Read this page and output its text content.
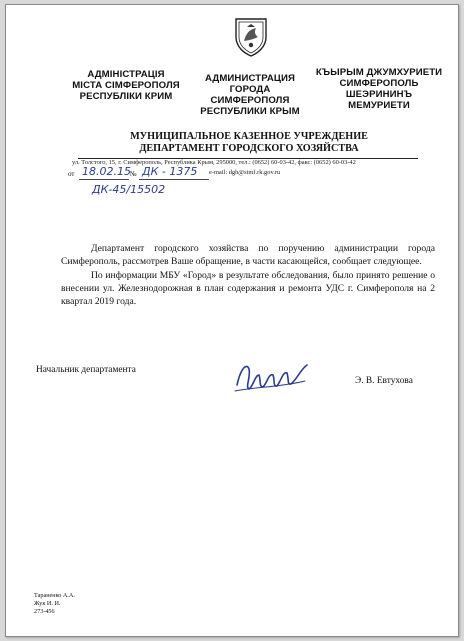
АДМІНІСТРАЦІЯ
МІСТА СІМФЕРОПОЛЯ
РЕСПУБЛІКИ КРИМ
АДМИНИСТРАЦИЯ
ГОРОДА СИМФЕРОПОЛЯ
РЕСПУБЛИКИ КРЫМ
КЪЫРЫМ ДЖУМХУРИЕТИ
СИМФЕРОПОЛЬ
ШЕЭРИНИНЪ
МЕМУРИЕТИ
МУНИЦИПАЛЬНОЕ КАЗЕННОЕ УЧРЕЖДЕНИЕ
ДЕПАРТАМЕНТ ГОРОДСКОГО ХОЗЯЙСТВА
ул. Толстого, 15, г. Симферополь, Республика Крым, 295000, тел.: (0652) 60-03-42, факс: (0652) 60-03-42
e-mail: dgh@simf.rk.gov.ru
от 18.02.15 № ДК - 1375
ДК-45/15502

Департамент городского хозяйства по поручению администрации города Симферополь, рассмотрев Ваше обращение, в части касающейся, сообщает следующее.

По информации МБУ «Город» в результате обследования, было принято решение о внесении ул. Железнодорожная в план содержания и ремонта УДС г. Симферополя на 2 квартал 2019 года.

Начальник департамента
Э. В. Евтухова
Тараненко А.А.
Жук И. И.
273-456
